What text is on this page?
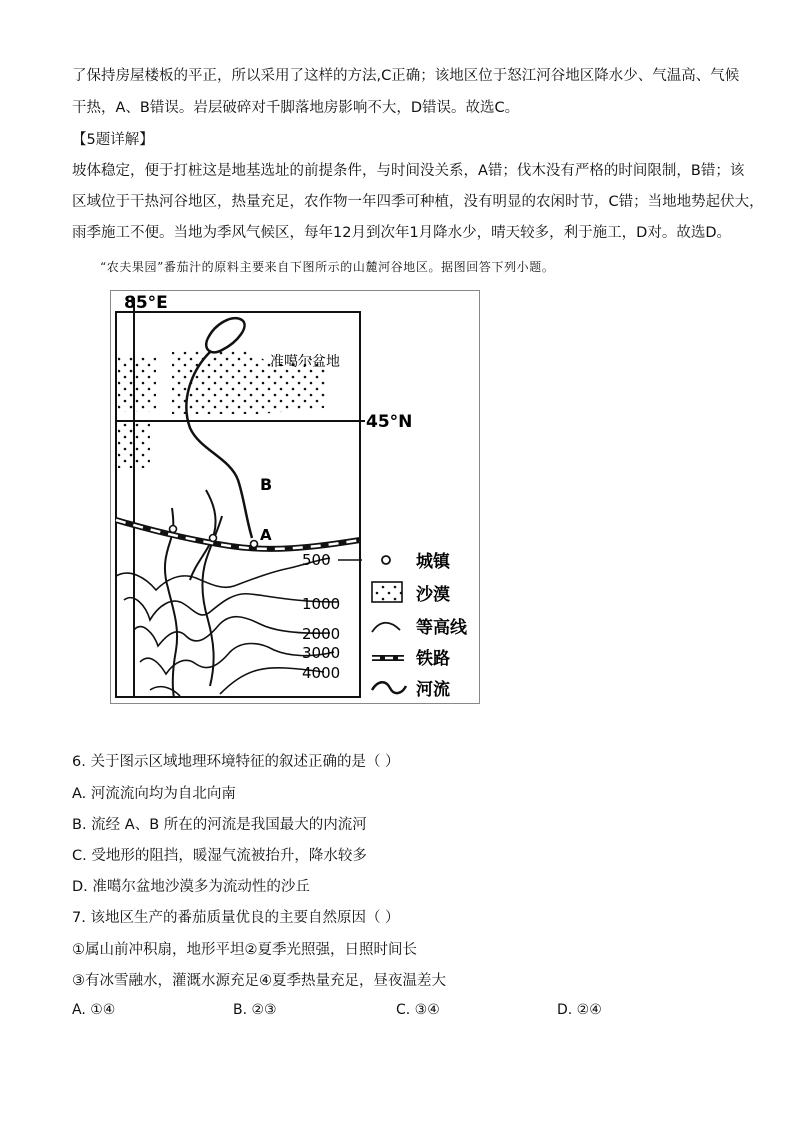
了保持房屋楼板的平正，所以采用了这样的方法,C正确；该地区位于怒江河谷地区降水少、气温高、气候
干热，A、B错误。岩层破碎对千脚落地房影响不大，D错误。故选C。
【5题详解】
坡体稳定，便于打桩这是地基选址的前提条件，与时间没关系，A错；伐木没有严格的时间限制，B错；该
区域位于干热河谷地区，热量充足，农作物一年四季可种植，没有明显的农闲时节，C错；当地地势起伏大，
雨季施工不便。当地为季风气候区，每年12月到次年1月降水少，晴天较多，利于施工，D对。故选D。
“农夫果园”番茄汁的原料主要来自下图所示的山麓河谷地区。据图回答下列小题。
85°E
45°N
准噶尔盆地
A
B
500
1000
2000
3000
4000
城镇
沙漠
等高线
铁路
河流
6. 关于图示区域地理环境特征的叙述正确的是（ ）
A. 河流流向均为自北向南
B. 流经 A、B 所在的河流是我国最大的内流河
C. 受地形的阻挡，暖湿气流被抬升，降水较多
D. 准噶尔盆地沙漠多为流动性的沙丘
7. 该地区生产的番茄质量优良的主要自然原因（ ）
①属山前冲积扇，地形平坦②夏季光照强，日照时间长
③有冰雪融水，灌溉水源充足④夏季热量充足，昼夜温差大
A. ①④	B. ②③	C. ③④	D. ②④
